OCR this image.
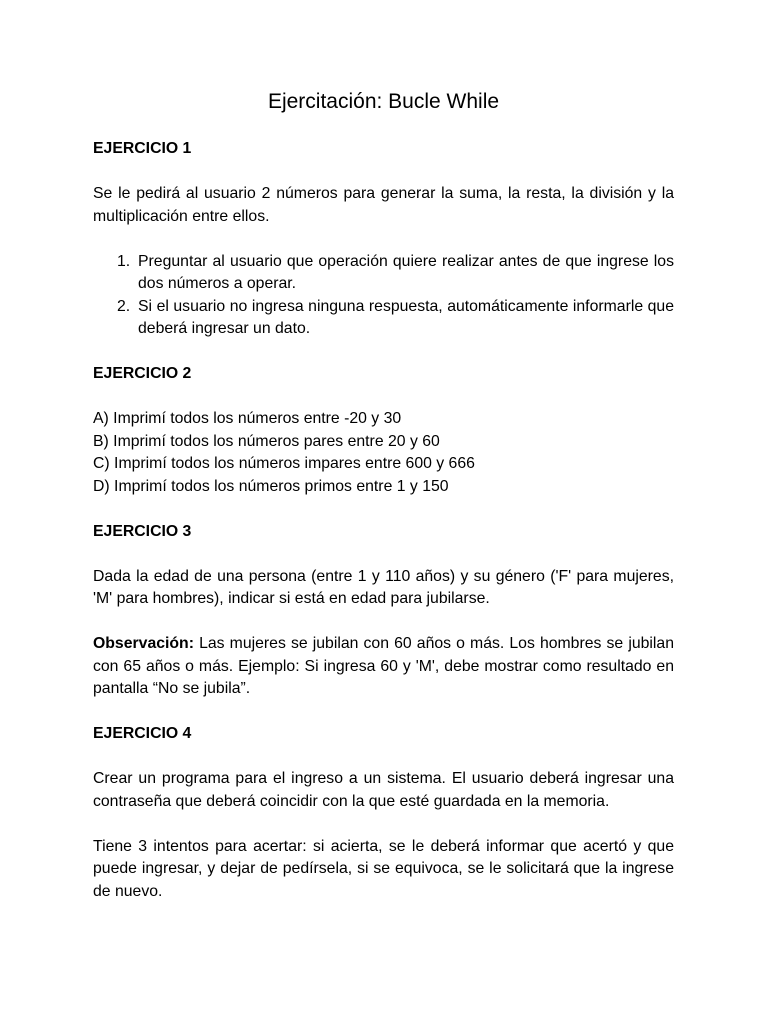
Ejercitación: Bucle While
EJERCICIO 1

Se le pedirá al usuario 2 números para generar la suma, la resta, la división y la multiplicación entre ellos.

1. Preguntar al usuario que operación quiere realizar antes de que ingrese los dos números a operar.
2. Si el usuario no ingresa ninguna respuesta, automáticamente informarle que deberá ingresar un dato.
EJERCICIO 2
A) Imprimí todos los números entre -20 y 30
B) Imprimí todos los números pares entre 20 y 60
C) Imprimí todos los números impares entre 600 y 666
D) Imprimí todos los números primos entre 1 y 150
EJERCICIO 3

Dada la edad de una persona (entre 1 y 110 años) y su género ('F' para mujeres, 'M' para hombres), indicar si está en edad para jubilarse.

Observación: Las mujeres se jubilan con 60 años o más. Los hombres se jubilan con 65 años o más. Ejemplo: Si ingresa 60 y 'M', debe mostrar como resultado en pantalla “No se jubila”.

EJERCICIO 4

Crear un programa para el ingreso a un sistema. El usuario deberá ingresar una contraseña que deberá coincidir con la que esté guardada en la memoria.

Tiene 3 intentos para acertar: si acierta, se le deberá informar que acertó y que puede ingresar, y dejar de pedírsela, si se equivoca, se le solicitará que la ingrese de nuevo.
